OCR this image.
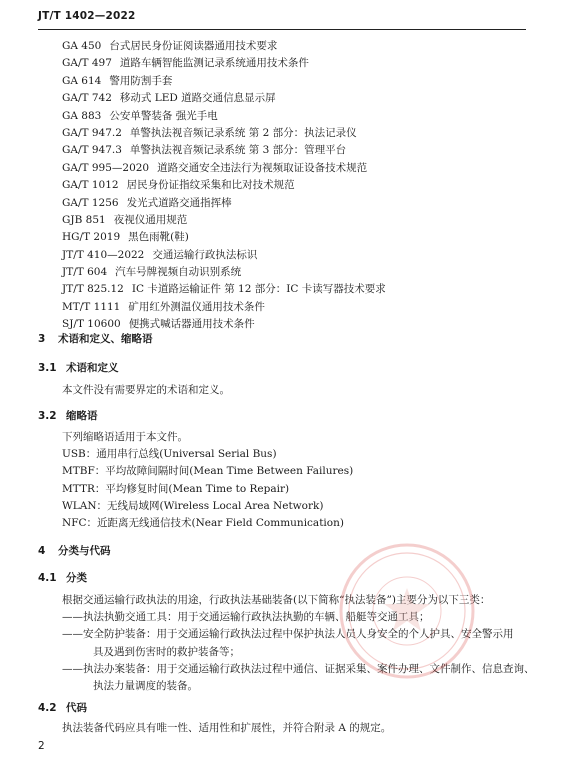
JT/T 1402—2022
GA 450 台式居民身份证阅读器通用技术要求
GA/T 497 道路车辆智能监测记录系统通用技术条件
GA 614 警用防割手套
GA/T 742 移动式 LED 道路交通信息显示屏
GA 883 公安单警装备 强光手电
GA/T 947.2 单警执法视音频记录系统 第 2 部分：执法记录仪
GA/T 947.3 单警执法视音频记录系统 第 3 部分：管理平台
GA/T 995—2020 道路交通安全违法行为视频取证设备技术规范
GA/T 1012 居民身份证指纹采集和比对技术规范
GA/T 1256 发光式道路交通指挥棒
GJB 851 夜视仪通用规范
HG/T 2019 黑色雨靴(鞋)
JT/T 410—2022 交通运输行政执法标识
JT/T 604 汽车号牌视频自动识别系统
JT/T 825.12 IC 卡道路运输证件 第 12 部分：IC 卡读写器技术要求
MT/T 1111 矿用红外测温仪通用技术条件
SJ/T 10600 便携式喊话器通用技术条件
3 术语和定义、缩略语
3.1 术语和定义
本文件没有需要界定的术语和定义。
3.2 缩略语
下列缩略语适用于本文件。
USB：通用串行总线(Universal Serial Bus)
MTBF：平均故障间隔时间(Mean Time Between Failures)
MTTR：平均修复时间(Mean Time to Repair)
WLAN：无线局域网(Wireless Local Area Network)
NFC：近距离无线通信技术(Near Field Communication)
4 分类与代码
4.1 分类
根据交通运输行政执法的用途，行政执法基础装备(以下简称“执法装备”)主要分为以下三类：
——执法执勤交通工具：用于交通运输行政执法执勤的车辆、船艇等交通工具；
——安全防护装备：用于交通运输行政执法过程中保护执法人员人身安全的个人护具、安全警示用
具及遇到伤害时的救护装备等；
——执法办案装备：用于交通运输行政执法过程中通信、证据采集、案件办理、文件制作、信息查询、
执法力量调度的装备。
4.2 代码
执法装备代码应具有唯一性、适用性和扩展性，并符合附录 A 的规定。
2
